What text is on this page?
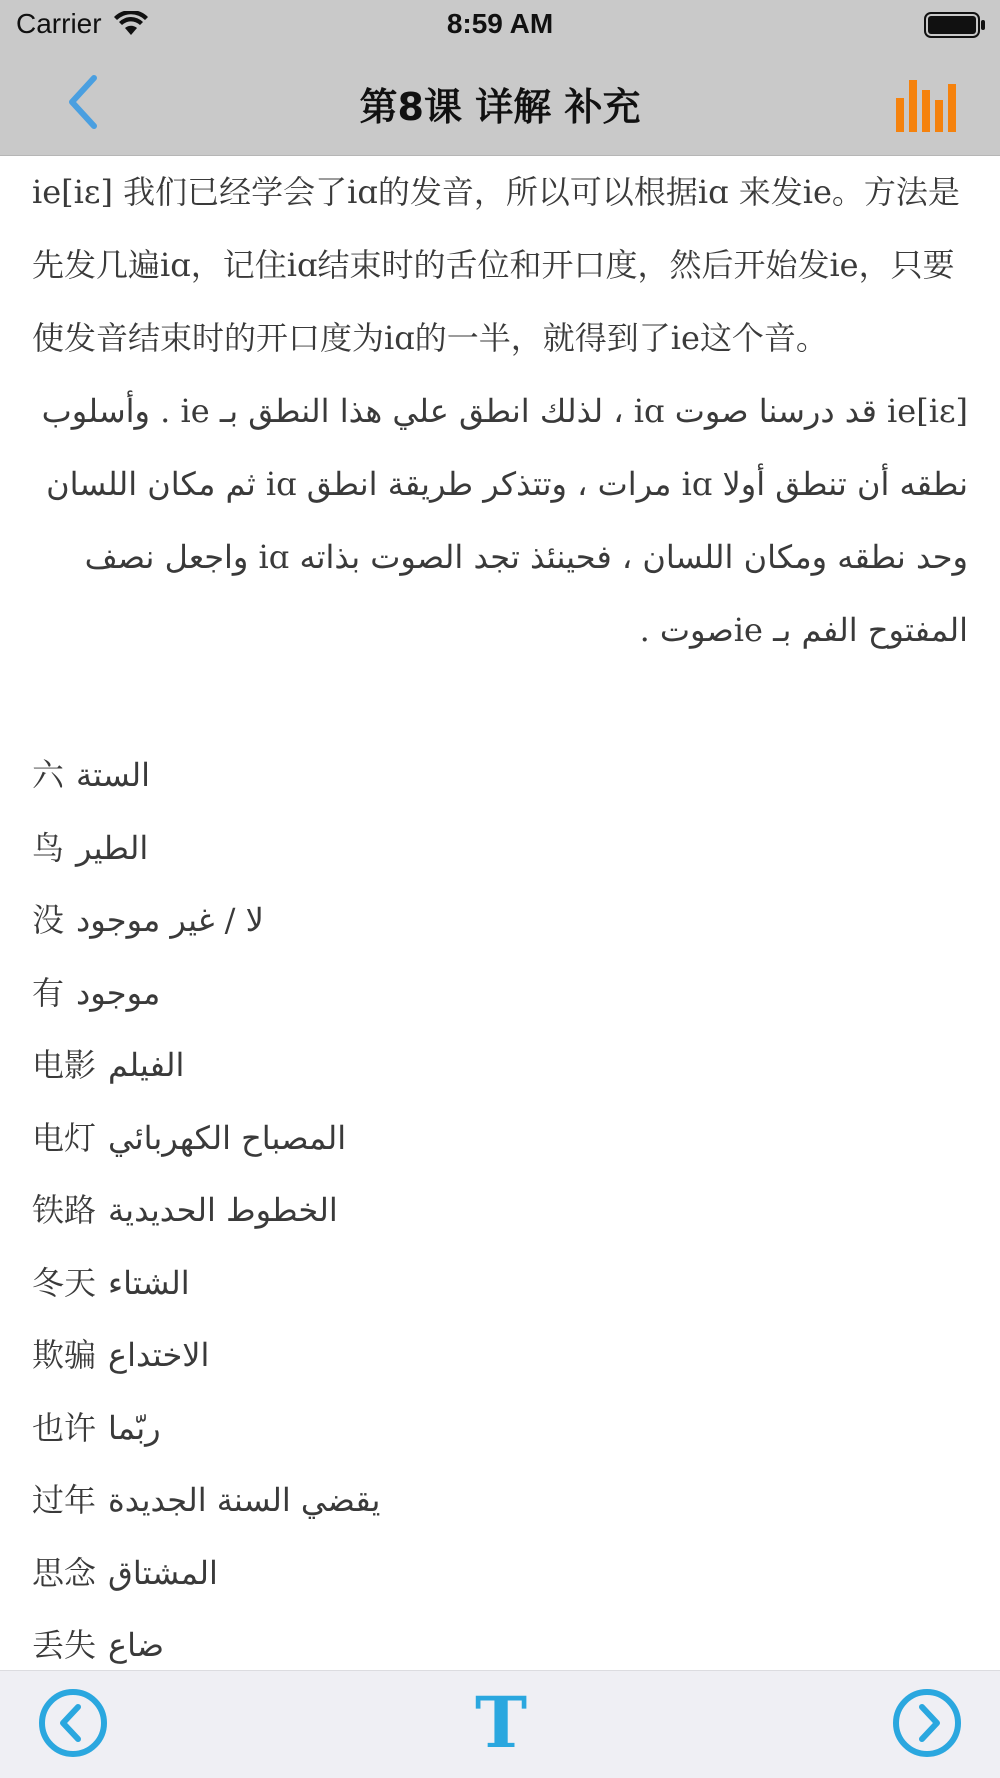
Carrier	8:59 AM
第8课 详解 补充

ie[iɛ] 我们已经学会了iɑ的发音，所以可以根据iɑ 来发ie。方法是先发几遍iɑ，记住iɑ结束时的舌位和开口度，然后开始发ie，只要使发音结束时的开口度为iɑ的一半，就得到了ie这个音。

ie[iɛ] قد درسنا صوت iɑ ، لذلك انطق علي هذا النطق بـ ie . وأسلوب نطقه أن تنطق أولا iɑ مرات ، وتتذكر طريقة انطق iɑ ثم مكان اللسان وحد نطقه ومكان اللسان ، فحينئذ تجد الصوت بذاته iɑ واجعل نصف المفتوح الفم بـ ieصوت .

六 الستة
鸟 الطير
没 لا / غير موجود
有 موجود
电影 الفيلم
电灯 المصباح الكهربائي
铁路 الخطوط الحديدية
冬天 الشتاء
欺骗 الاختداع
也许 ربّما
过年 يقضي السنة الجديدة
思念 المشتاق
丢失 ضاع
T
